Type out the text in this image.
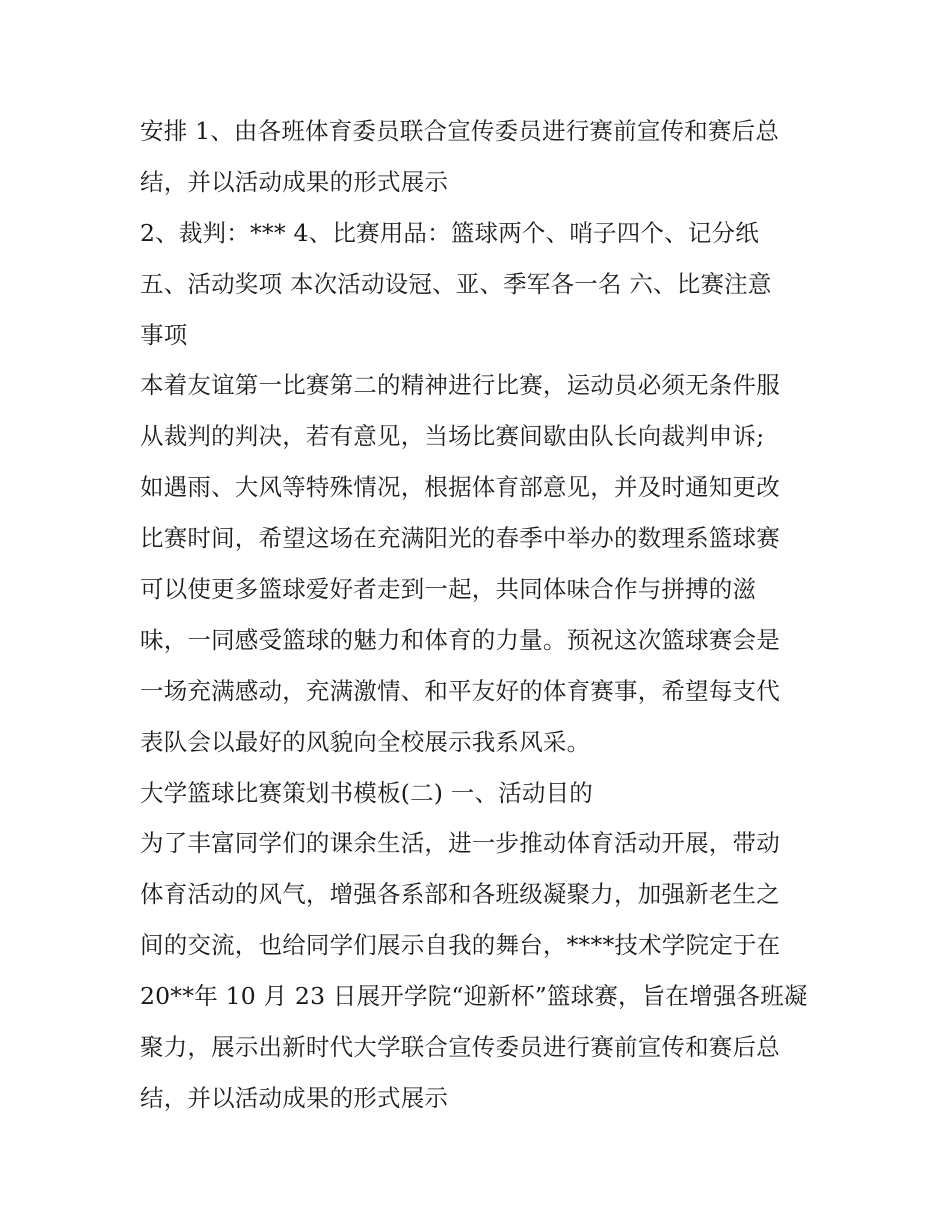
安排 1、由各班体育委员联合宣传委员进行赛前宣传和赛后总
结，并以活动成果的形式展示
2、裁判：*** 4、比赛用品：篮球两个、哨子四个、记分纸
五、活动奖项 本次活动设冠、亚、季军各一名 六、比赛注意
事项
本着友谊第一比赛第二的精神进行比赛，运动员必须无条件服
从裁判的判决，若有意见，当场比赛间歇由队长向裁判申诉;
如遇雨、大风等特殊情况，根据体育部意见，并及时通知更改
比赛时间，希望这场在充满阳光的春季中举办的数理系篮球赛
可以使更多篮球爱好者走到一起，共同体味合作与拼搏的滋
味，一同感受篮球的魅力和体育的力量。预祝这次篮球赛会是
一场充满感动，充满激情、和平友好的体育赛事，希望每支代
表队会以最好的风貌向全校展示我系风采。
大学篮球比赛策划书模板(二) 一、活动目的
为了丰富同学们的课余生活，进一步推动体育活动开展，带动
体育活动的风气，增强各系部和各班级凝聚力，加强新老生之
间的交流，也给同学们展示自我的舞台，****技术学院定于在
20**年 10 月 23 日展开学院“迎新杯”篮球赛，旨在增强各班凝
聚力，展示出新时代大学联合宣传委员进行赛前宣传和赛后总
结，并以活动成果的形式展示
